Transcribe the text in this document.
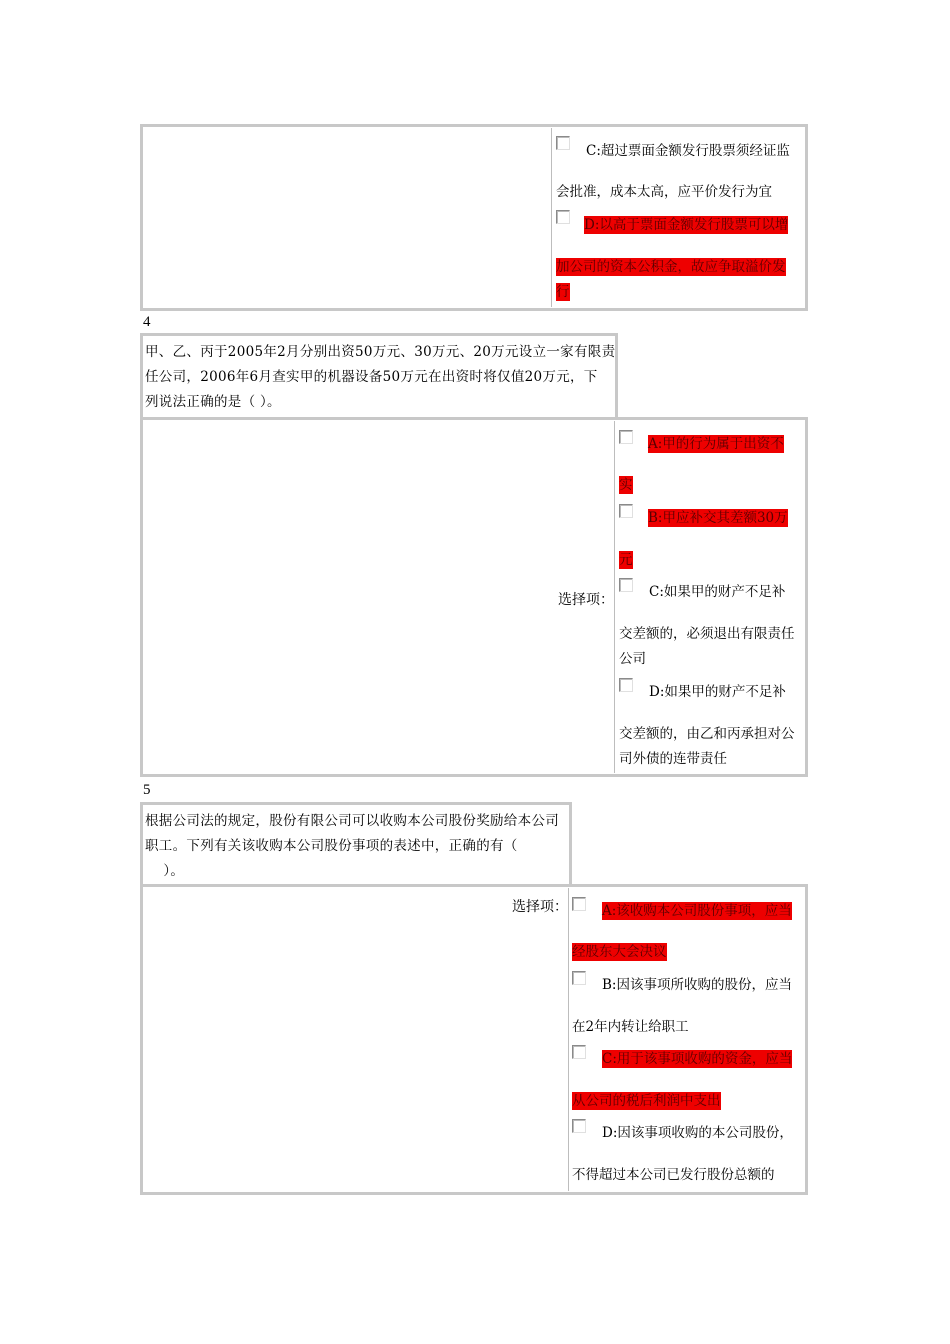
C:超过票面金额发行股票须经证监
会批准，成本太高，应平价发行为宜
D:以高于票面金额发行股票可以增
加公司的资本公积金，故应争取溢价发
行
4
甲、乙、丙于2005年2月分别出资50万元、30万元、20万元设立一家有限责
任公司，2006年6月查实甲的机器设备50万元在出资时将仅值20万元，下
列说法正确的是（ ）。
选择项：
A:甲的行为属于出资不
实
B:甲应补交其差额30万
元
C:如果甲的财产不足补
交差额的，必须退出有限责任
公司
D:如果甲的财产不足补
交差额的，由乙和丙承担对公
司外债的连带责任
5
根据公司法的规定，股份有限公司可以收购本公司股份奖励给本公司
职工。下列有关该收购本公司股份事项的表述中，正确的有（
）。
选择项：	A:该收购本公司股份事项，应当
经股东大会决议
B:因该事项所收购的股份，应当
在2年内转让给职工
C:用于该事项收购的资金，应当
从公司的税后利润中支出
D:因该事项收购的本公司股份，
不得超过本公司已发行股份总额的
